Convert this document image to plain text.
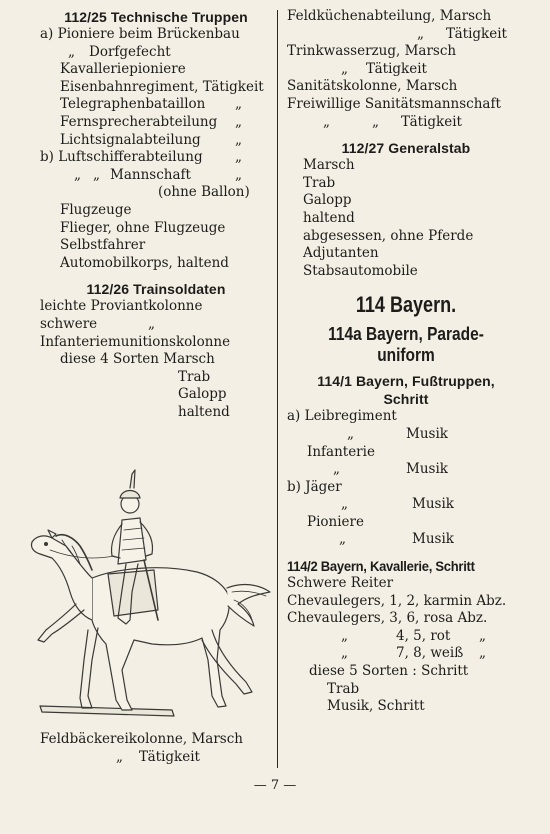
112/25 Technische Truppen
a) Pioniere beim Brückenbau
„ Dorfgefecht
Kavalleriepioniere
Eisenbahnregiment, Tätigkeit
Telegraphenbataillon „
Fernsprecherabteilung „
Lichtsignalabteilung	„
b) Luftschifferabteilung „
„ „ Mannschaft	„
(ohne Ballon)
Flugzeuge
Flieger, ohne Flugzeuge
Selbstfahrer
Automobilkorps, haltend
112/26 Trainsoldaten
leichte Proviantkolonne
schwere	„
Infanteriemunitionskolonne
diese 4 Sorten Marsch
Trab
Galopp
haltend
Feldbäckereikolonne, Marsch
„ Tätigkeit
Feldküchenabteilung, Marsch
„ Tätigkeit
Trinkwasserzug, Marsch
„ Tätigkeit
Sanitätskolonne, Marsch
Freiwillige Sanitätsmannschaft
„	„ Tätigkeit
112/27 Generalstab
Marsch
Trab
Galopp
haltend
abgesessen, ohne Pferde
Adjutanten
Stabsautomobile
114 Bayern.
114a Bayern, Parade-
uniform
114/1 Bayern, Fußtruppen,
Schritt
a) Leibregiment
„	Musik
Infanterie
„	Musik
b) Jäger
„	Musik
Pioniere
„	Musik
114/2 Bayern, Kavallerie, Schritt
Schwere Reiter
Chevaulegers, 1, 2, karmin Abz.
Chevaulegers, 3, 6, rosa Abz.
„	4, 5, rot „
„	7, 8, weiß „
diese 5 Sorten : Schritt
Trab
Musik, Schritt
— 7 —
